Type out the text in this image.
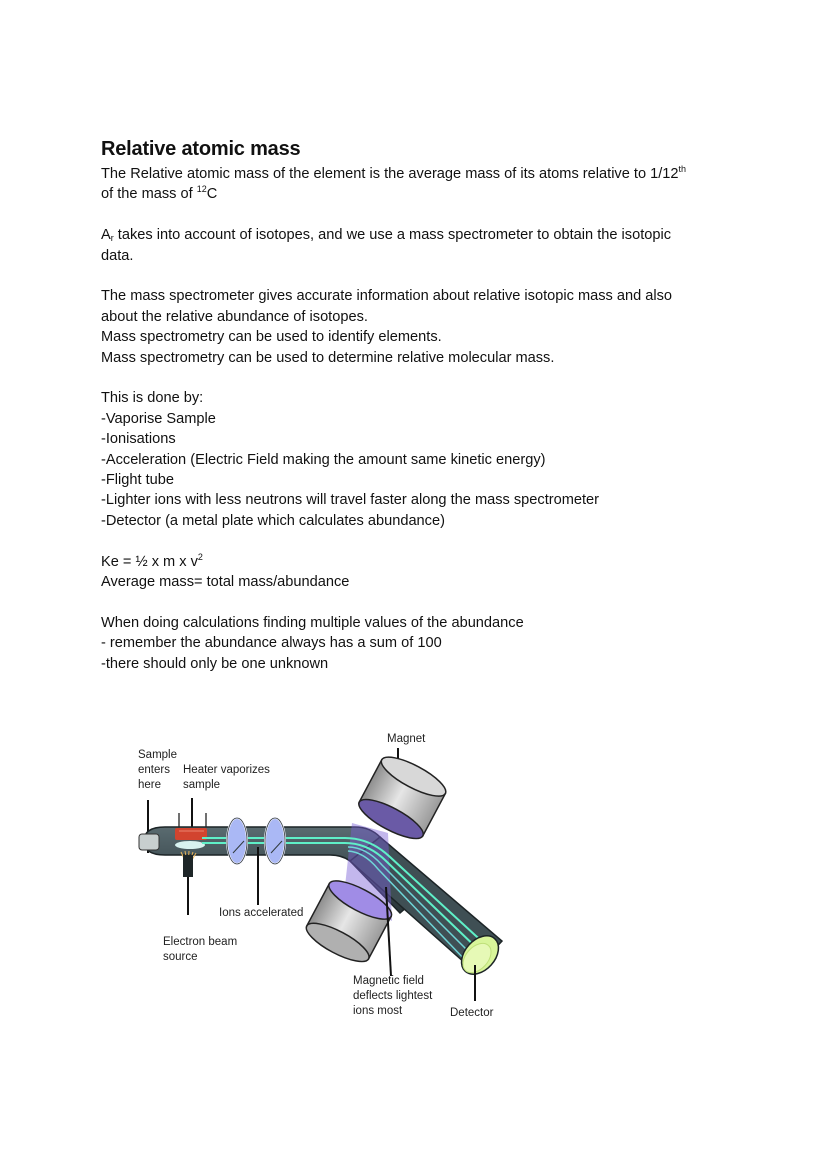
Relative atomic mass

The Relative atomic mass of the element is the average mass of its atoms relative to 1/12th

of the mass of $^{12}$C

$A_r$ takes into account of isotopes, and we use a mass spectrometer to obtain the isotopic

data.

The mass spectrometer gives accurate information about relative isotopic mass and also

about the relative abundance of isotopes.

Mass spectrometry can be used to identify elements.

Mass spectrometry can be used to determine relative molecular mass.

This is done by:

-Vaporise Sample

-Ionisations

-Acceleration (Electric Field making the amount same kinetic energy)

-Flight tube

-Lighter ions with less neutrons will travel faster along the mass spectrometer

-Detector (a metal plate which calculates abundance)

Ke = ½ x m x $v^2$

Average mass= total mass/abundance

When doing calculations finding multiple values of the abundance

- remember the abundance always has a sum of 100

-there should only be one unknown

Sample
enters
here
Heater vaporizes
sample
Magnet
Ions accelerated
Electron beam
source
Magnetic field
deflects lightest
ions most	Detector
